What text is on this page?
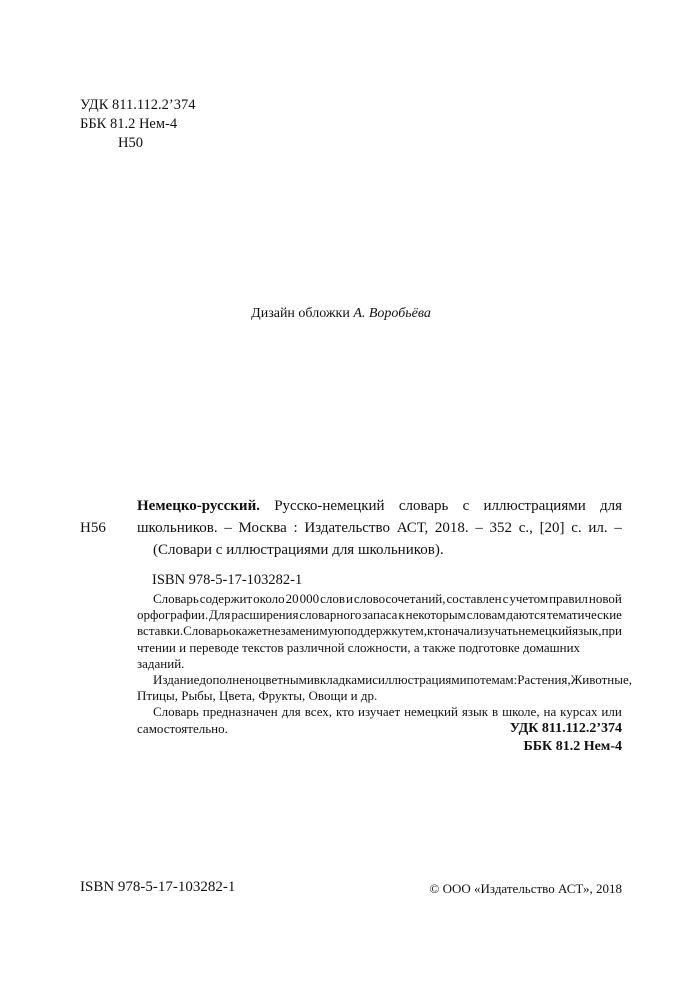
УДК 811.112.2’374
ББК 81.2 Нем-4
Н50
Дизайн обложки А. Воробьёва
Н56
Немецко-русский. Русско-немецкий словарь с иллюстрациями для
школьников. – Москва : Издательство АСТ, 2018. – 352 с., [20] с. ил. –
(Словари с иллюстрациями для школьников).
ISBN 978-5-17-103282-1
Словарь содержит около 20 000 слов и словосочетаний, составлен с учетом правил новой
орфографии. Для расширения словарного запаса к некоторым словам даются тематические
вставки. Словарь окажет незаменимую поддержку тем, кто начал изучать немецкий язык, при
чтении и переводе текстов различной сложности, а также подготовке домашних заданий.
Издание дополнено цветными вкладками с иллюстрациями по темам: Растения, Животные,
Птицы, Рыбы, Цвета, Фрукты, Овощи и др.
Словарь предназначен для всех, кто изучает немецкий язык в школе, на курсах или
самостоятельно.	УДК 811.112.2’374
ББК 81.2 Нем-4
ISBN 978-5-17-103282-1	© ООО «Издательство АСТ», 2018
